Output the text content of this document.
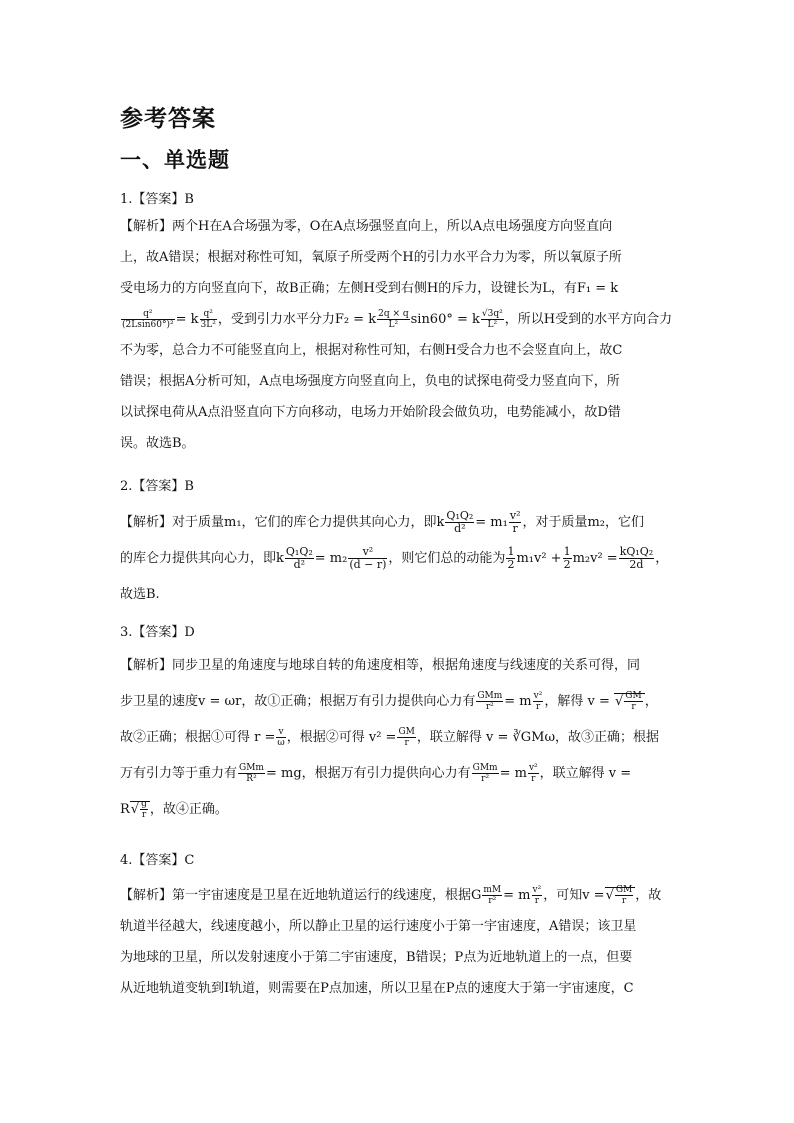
参考答案
一、单选题
1.【答案】B
【解析】两个H在A合场强为零，O在A点场强竖直向上，所以A点电场强度方向竖直向
上，故A错误；根据对称性可知，氧原子所受两个H的引力水平合力为零，所以氧原子所
受电场力的方向竖直向下，故B正确；左侧H受到右侧H的斥力，设键长为L，有F₁ = k
$\frac{\text{q²}}{\text{(2Lsin60°)²}} = k \frac{\text{q²}}{\text{3L²}}$ ，受到引力水平分力F₂ = k $\frac{2q \times q}{\text{L²}} \sin 60^\circ = k \frac{\text{√3q²}}{\text{L²}}$ ，所以H受到的水平方向合力
不为零，总合力不可能竖直向上，根据对称性可知，右侧H受合力也不会竖直向上，故C
错误；根据A分析可知，A点电场强度方向竖直向上，负电的试探电荷受力竖直向下，所
以试探电荷从A点沿竖直向下方向移动，电场力开始阶段会做负功，电势能减小，故D错
误。故选B。
2.【答案】B
【解析】对于质量m₁，它们的库仑力提供其向心力，即k $\frac{\text{Q₁Q₂}}{\text{d²}} = m_1 \frac{\text{v²}}{r}$ ，对于质量m₂，它们
的库仑力提供其向心力，即k $\frac{\text{Q₁Q₂}}{\text{d²}} = m_2 \frac{\text{v²}}{(d - r)}$ ，则它们总的动能为 $\frac{1}{2} m_1v^2 + \frac{1}{2} m_2v^2 = \frac{\text{kQ₁Q₂}}{2d}$ ，
故选B.
3.【答案】D
【解析】同步卫星的角速度与地球自转的角速度相等，根据角速度与线速度的关系可得，同
步卫星的速度v = ωr，故①正确；根据万有引力提供向心力有 $\frac{\text{GMm}}{\text{r²}} = m \frac{\text{v²}}{r}$ ，解得 v = √ $\frac{GM}{r}$ ，
故②正确；根据①可得 $r = \frac{v}{\omega}$ ，根据②可得 $v^2 = \frac{GM}{r}$ ，联立解得 v = ∛GMω，故③正确；根据
万有引力等于重力有 $\frac{\text{GMm}}{\text{R²}}$ = mg，根据万有引力提供向心力有 $\frac{\text{GMm}}{\text{r²}} = m \frac{\text{v²}}{r}$ ，联立解得 v =
$R√ \frac{g}{r}$ ，故④正确。
4.【答案】C
【解析】第一宇宙速度是卫星在近地轨道运行的线速度，根据G $\frac{mM}{\text{r²}} = m \frac{\text{v²}}{r}$ ，可知v =√ $\frac{GM}{r}$ ，故
轨道半径越大，线速度越小，所以静止卫星的运行速度小于第一宇宙速度，A错误；该卫星
为地球的卫星，所以发射速度小于第二宇宙速度，B错误；P点为近地轨道上的一点，但要
从近地轨道变轨到Ⅰ轨道，则需要在P点加速，所以卫星在P点的速度大于第一宇宙速度，C
